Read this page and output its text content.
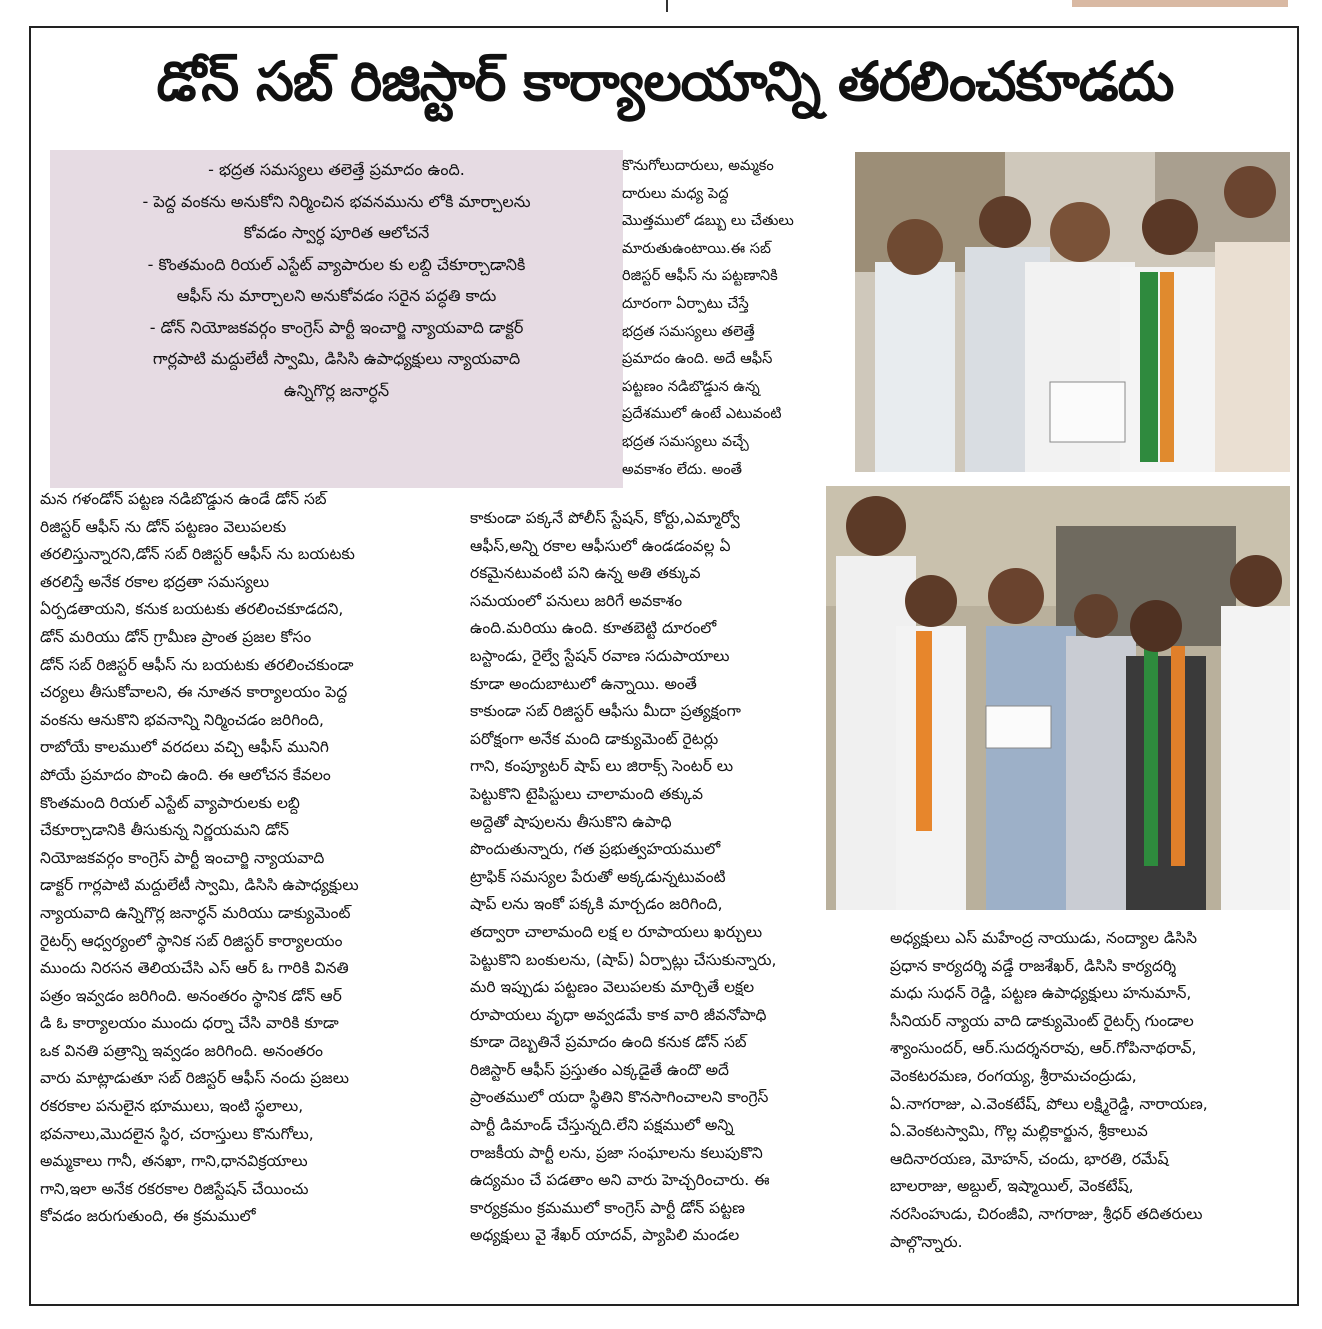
డోన్ సబ్ రిజిస్టార్ కార్యాలయాన్ని తరలించకూడదు
- భద్రత సమస్యలు తలెత్తే ప్రమాదం ఉంది.
- పెద్ద వంకను అనుకోని నిర్మించిన భవనమును లోకి మార్చాలను
కోవడం స్వార్ధ పూరిత ఆలోచనే
- కొంతమంది రియల్ ఎస్టేట్ వ్యాపారుల కు లబ్ది చేకూర్చాడానికి
ఆఫీస్ ను మార్చాలని అనుకోవడం సరైన పద్ధతి కాదు
- డోన్ నియోజకవర్గం కాంగ్రెస్ పార్టీ ఇంచార్జి న్యాయవాది డాక్టర్
గార్లపాటి మద్దులేటీ స్వామి, డిసిసి ఉపాధ్యక్షులు న్యాయవాది
ఉన్నిగొర్ల జనార్ధన్
కొనుగోలుదారులు, అమ్మకం
దారులు మధ్య పెద్ద
మొత్తములో డబ్బు లు చేతులు
మారుతుఉంటాయి.ఈ సబ్
రిజిస్టర్ ఆఫీస్ ను పట్టణానికి
దూరంగా ఏర్పాటు చేస్తే
భద్రత సమస్యలు తలెత్తే
ప్రమాదం ఉంది. అదే ఆఫీస్
పట్టణం నడిబొడ్డున ఉన్న
ప్రదేశములో ఉంటే ఎటువంటి
భద్రత సమస్యలు వచ్చే
అవకాశం లేదు. అంతే
మన గళండోన్ పట్టణ నడిబొడ్డున ఉండే డోన్ సబ్
రిజిస్టర్ ఆఫీస్ ను డోన్ పట్టణం వెలుపలకు
తరలిస్తున్నారని,డోన్ సబ్ రిజిస్టర్ ఆఫీస్ ను బయటకు
తరలిస్తే అనేక రకాల భద్రతా సమస్యలు
ఏర్పడతాయని, కనుక బయటకు తరలించకూడదని,
డోన్ మరియు డోన్ గ్రామీణ ప్రాంత ప్రజల కోసం
డోన్ సబ్ రిజిస్టర్ ఆఫీస్ ను బయటకు తరలించకుండా
చర్యలు తీసుకోవాలని, ఈ నూతన కార్యాలయం పెద్ద
వంకను ఆనుకొని భవనాన్ని నిర్మించడం జరిగింది,
రాబోయే కాలములో వరదలు వచ్చి ఆఫీస్ మునిగి
పోయే ప్రమాదం పొంచి ఉంది. ఈ ఆలోచన కేవలం
కొంతమంది రియల్ ఎస్టేట్ వ్యాపారులకు లబ్ది
చేకూర్చాడానికి తీసుకున్న నిర్ణయమని డోన్
నియోజకవర్గం కాంగ్రెస్ పార్టీ ఇంచార్జి న్యాయవాది
డాక్టర్ గార్లపాటి మద్దులేటీ స్వామి, డిసిసి ఉపాధ్యక్షులు
న్యాయవాది ఉన్నిగొర్ల జనార్ధన్ మరియు డాక్యుమెంట్
రైటర్స్ ఆధ్వర్యంలో స్థానిక సబ్ రిజిస్టర్ కార్యాలయం
ముందు నిరసన తెలియచేసి ఎస్ ఆర్ ఓ గారికి వినతి
పత్రం ఇవ్వడం జరిగింది. అనంతరం స్థానిక డోన్ ఆర్
డి ఓ కార్యాలయం ముందు ధర్నా చేసి వారికి కూడా
ఒక వినతి పత్రాన్ని ఇవ్వడం జరిగింది. అనంతరం
వారు మాట్లాడుతూ సబ్ రిజిస్టర్ ఆఫీస్ నందు ప్రజలు
రకరకాల పనులైన భూములు, ఇంటి స్థలాలు,
భవనాలు,మొదలైన స్థిర, చరాస్తులు కొనుగోలు,
అమ్మకాలు గానీ, తనఖా, గాని,ధానవిక్రయాలు
గాని,ఇలా అనేక రకరకాల రిజిస్టేషన్ చేయించు
కోవడం జరుగుతుంది, ఈ క్రమములో
కాకుండా పక్కనే పోలీస్ స్టేషన్, కోర్టు,ఎమ్మార్వో
ఆఫీస్,అన్ని రకాల ఆఫీసులో ఉండడంవల్ల ఏ
రకమైనటువంటి పని ఉన్న అతి తక్కువ
సమయంలో పనులు జరిగే అవకాశం
ఉంది.మరియు ఉంది. కూతబెట్టి దూరంలో
బస్టాండు, రైల్వే స్టేషన్ రవాణ సదుపాయాలు
కూడా అందుబాటులో ఉన్నాయి. అంతే
కాకుండా సబ్ రిజిస్టర్ ఆఫీసు మీదా ప్రత్యక్షంగా
పరోక్షంగా అనేక మంది డాక్యుమెంట్ రైటర్లు
గాని, కంప్యూటర్ షాప్ లు జిరాక్స్ సెంటర్ లు
పెట్టుకొని టైపిస్టులు చాలామంది తక్కువ
అద్దెతో షాపులను తీసుకొని ఉపాధి
పొందుతున్నారు, గత ప్రభుత్వహయములో
ట్రాఫిక్ సమస్యల పేరుతో అక్కడున్నటువంటి
షాప్ లను ఇంకో పక్కకి మార్చడం జరిగింది,
తద్వారా చాలామంది లక్ష ల రూపాయలు ఖర్చులు
పెట్టుకొని బంకులను, (షాప్) ఏర్పాట్లు చేసుకున్నారు,
మరి ఇప్పుడు పట్టణం వెలుపలకు మార్చితే లక్షల
రూపాయలు వృధా అవ్వడమే కాక వారి జీవనోపాధి
కూడా దెబ్బతినే ప్రమాదం ఉంది కనుక డోన్ సబ్
రిజిస్టార్ ఆఫీస్ ప్రస్తుతం ఎక్కడైతే ఉందొ అదే
ప్రాంతములో యదా స్థితిని కొనసాగించాలని కాంగ్రెస్
పార్టీ డిమాండ్ చేస్తున్నది.లేని పక్షములో అన్ని
రాజకీయ పార్టీ లను, ప్రజా సంఘాలను కలుపుకొని
ఉద్యమం చే పడతాం అని వారు హెచ్చరించారు. ఈ
కార్యక్రమం క్రమములో కాంగ్రెస్ పార్టీ డోన్ పట్టణ
అధ్యక్షులు వై శేఖర్ యాదవ్, ప్యాపిలి మండల
అధ్యక్షులు ఎస్ మహేంద్ర నాయుడు, నంద్యాల డిసిసి
ప్రధాన కార్యదర్శి వడ్డే రాజశేఖర్, డిసిసి కార్యదర్శి
మధు సుధన్ రెడ్డి, పట్టణ ఉపాధ్యక్షులు హనుమాన్,
సీనియర్ న్యాయ వాది డాక్యుమెంట్ రైటర్స్ గుండాల
శ్యాంసుందర్, ఆర్.సుదర్శనరావు, ఆర్.గోపినాథరావ్,
వెంకటరమణ, రంగయ్య, శ్రీరామచంద్రుడు,
ఏ.నాగరాజు, ఎ.వెంకటేష్, పోలు లక్ష్మిరెడ్డి, నారాయణ,
ఏ.వెంకటస్వామి, గొల్ల మల్లికార్జున, శ్రీకాలువ
ఆదినారయణ, మోహన్, చందు, భారతి, రమేష్
బాలరాజు, అబ్దుల్, ఇష్మాయిల్, వెంకటేష్,
నరసింహుడు, చిరంజీవి, నాగరాజు, శ్రీధర్ తదితరులు
పాల్గొన్నారు.
